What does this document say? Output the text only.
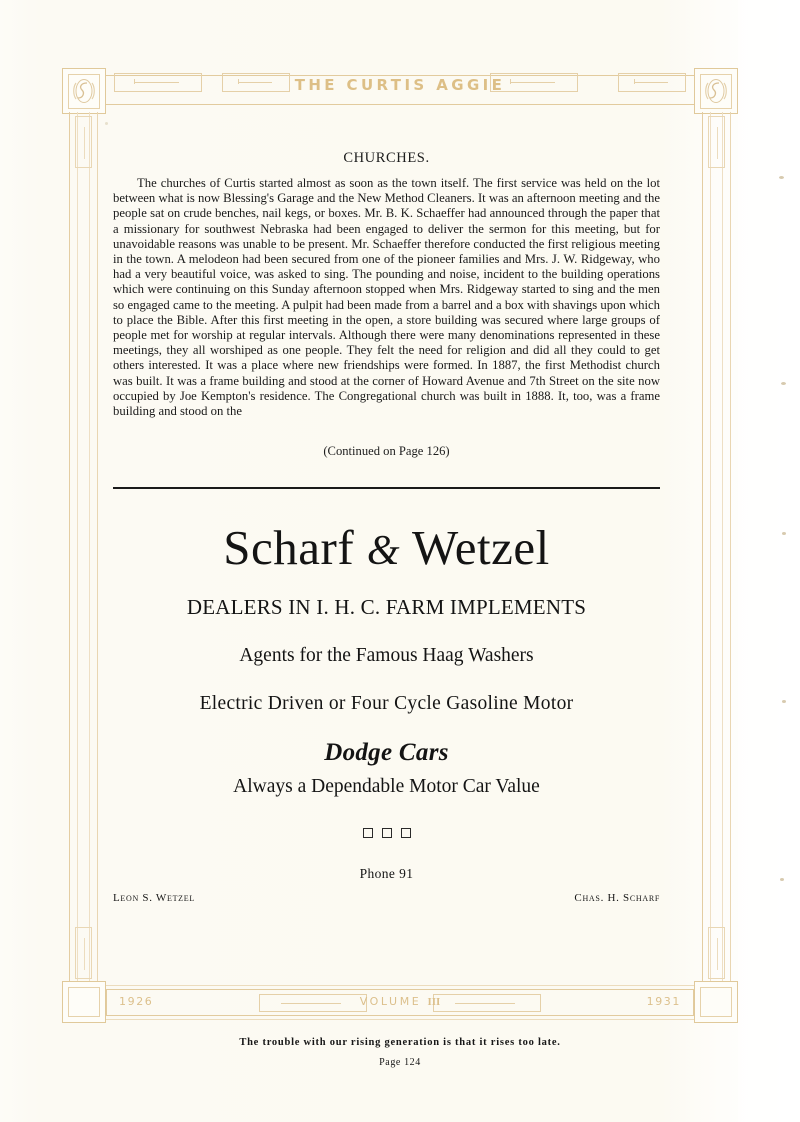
THE CURTIS AGGIE
1926	VOLUME III	1931
CHURCHES.

The churches of Curtis started almost as soon as the town itself. The first service was held on the lot between what is now Blessing's Garage and the New Method Cleaners. It was an afternoon meeting and the people sat on crude benches, nail kegs, or boxes. Mr. B. K. Schaeffer had announced through the paper that a missionary for southwest Nebraska had been engaged to deliver the sermon for this meeting, but for unavoidable reasons was unable to be present. Mr. Schaeffer therefore conducted the first religious meeting in the town. A melodeon had been secured from one of the pioneer families and Mrs. J. W. Ridgeway, who had a very beautiful voice, was asked to sing. The pounding and noise, incident to the building operations which were continuing on this Sunday afternoon stopped when Mrs. Ridgeway started to sing and the men so engaged came to the meeting. A pulpit had been made from a barrel and a box with shavings upon which to place the Bible. After this first meeting in the open, a store building was secured where large groups of people met for worship at regular intervals. Although there were many denominations represented in these meetings, they all worshiped as one people. They felt the need for religion and did all they could to get others interested. It was a place where new friendships were formed. In 1887, the first Methodist church was built. It was a frame building and stood at the corner of Howard Avenue and 7th Street on the site now occupied by Joe Kempton's residence. The Congregational church was built in 1888. It, too, was a frame building and stood on the

(Continued on Page 126)

Scharf & Wetzel
DEALERS IN I. H. C. FARM IMPLEMENTS
Agents for the Famous Haag Washers
Electric Driven or Four Cycle Gasoline Motor
Dodge Cars
Always a Dependable Motor Car Value
Phone 91
Leon S. Wetzel	Chas. H. Scharf
The trouble with our rising generation is that it rises too late.
Page 124
